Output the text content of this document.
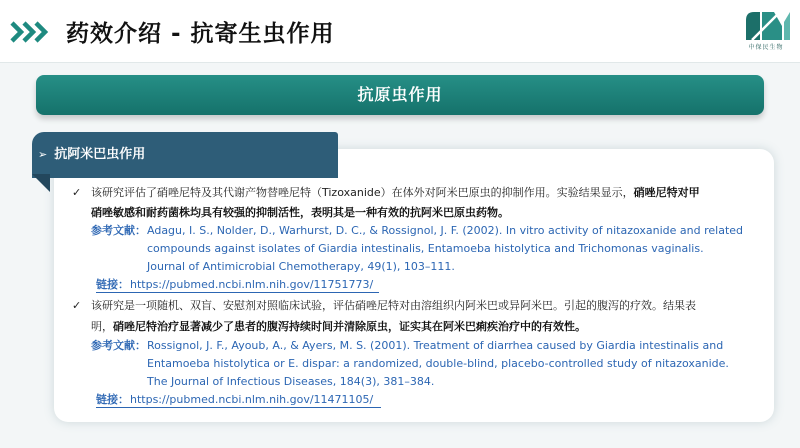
药效介绍 - 抗寄生虫作用
中保民生物
抗原虫作用
➢ 抗阿米巴虫作用
✓ 该研究评估了硝唑尼特及其代谢产物替唑尼特（Tizoxanide）在体外对阿米巴原虫的抑制作用。实验结果显示，硝唑尼特对甲
硝唑敏感和耐药菌株均具有较强的抑制活性，表明其是一种有效的抗阿米巴原虫药物。
参考文献： Adagu, I. S., Nolder, D., Warhurst, D. C., & Rossignol, J. F. (2002). In vitro activity of nitazoxanide and related
compounds against isolates of Giardia intestinalis, Entamoeba histolytica and Trichomonas vaginalis.
Journal of Antimicrobial Chemotherapy, 49(1), 103–111.
链接： https://pubmed.ncbi.nlm.nih.gov/11751773/
✓ 该研究是一项随机、双盲、安慰剂对照临床试验，评估硝唑尼特对由溶组织内阿米巴或异阿米巴。引起的腹泻的疗效。结果表
明，硝唑尼特治疗显著减少了患者的腹泻持续时间并清除原虫，证实其在阿米巴痢疾治疗中的有效性。
参考文献： Rossignol, J. F., Ayoub, A., & Ayers, M. S. (2001). Treatment of diarrhea caused by Giardia intestinalis and
Entamoeba histolytica or E. dispar: a randomized, double-blind, placebo-controlled study of nitazoxanide.
The Journal of Infectious Diseases, 184(3), 381–384.
链接： https://pubmed.ncbi.nlm.nih.gov/11471105/
